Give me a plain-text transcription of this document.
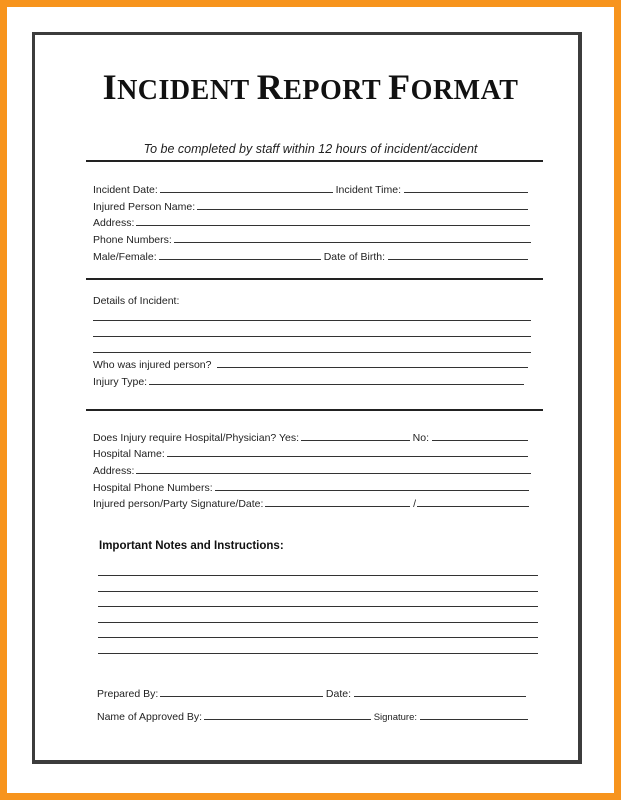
INCIDENT REPORT FORMAT
To be completed by staff within 12 hours of incident/accident
Incident Date:	Incident Time:
Injured Person Name:
Address:
Phone Numbers:
Male/Female:	Date of Birth:
Details of Incident:
Who was injured person?
Injury Type:
Does Injury require Hospital/Physician? Yes:	No:
Hospital Name:
Address:
Hospital Phone Numbers:
Injured person/Party Signature/Date:	/
Important Notes and Instructions:
Prepared By:	Date:
Name of Approved By:	Signature:
